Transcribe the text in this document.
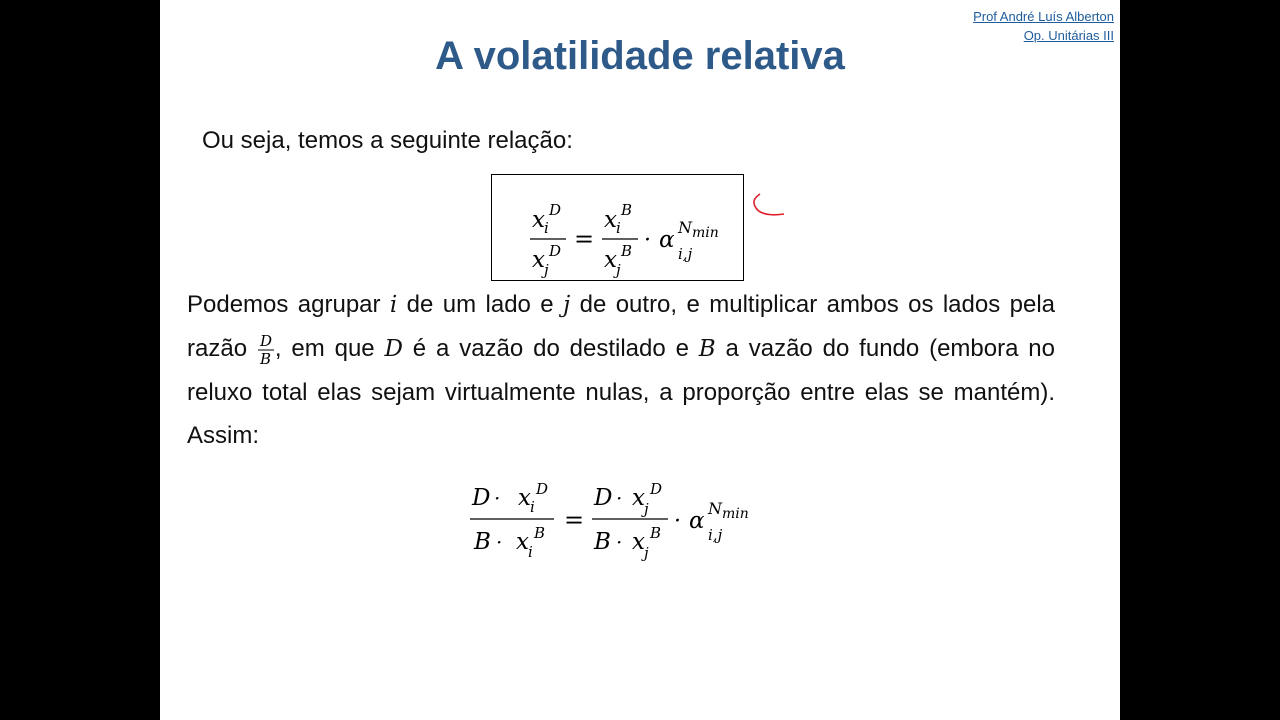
Prof André Luís Alberton
Op. Unitárias III
A volatilidade relativa
Ou seja, temos a seguinte relação:
x i
D
x j
D =
x i
B
x j
B · α
i,j
N min

Podemos agrupar i de um lado e j de outro, e multiplicar ambos os lados pela razão D
B , em que D é a vazão do destilado e B a vazão do fundo (embora no reluxo total elas sejam virtualmente nulas, a proporção entre elas se mantém). Assim:

D · x i
D
B · x i
B =
D · x j
D
B · x j
B · α
i,j
N min
